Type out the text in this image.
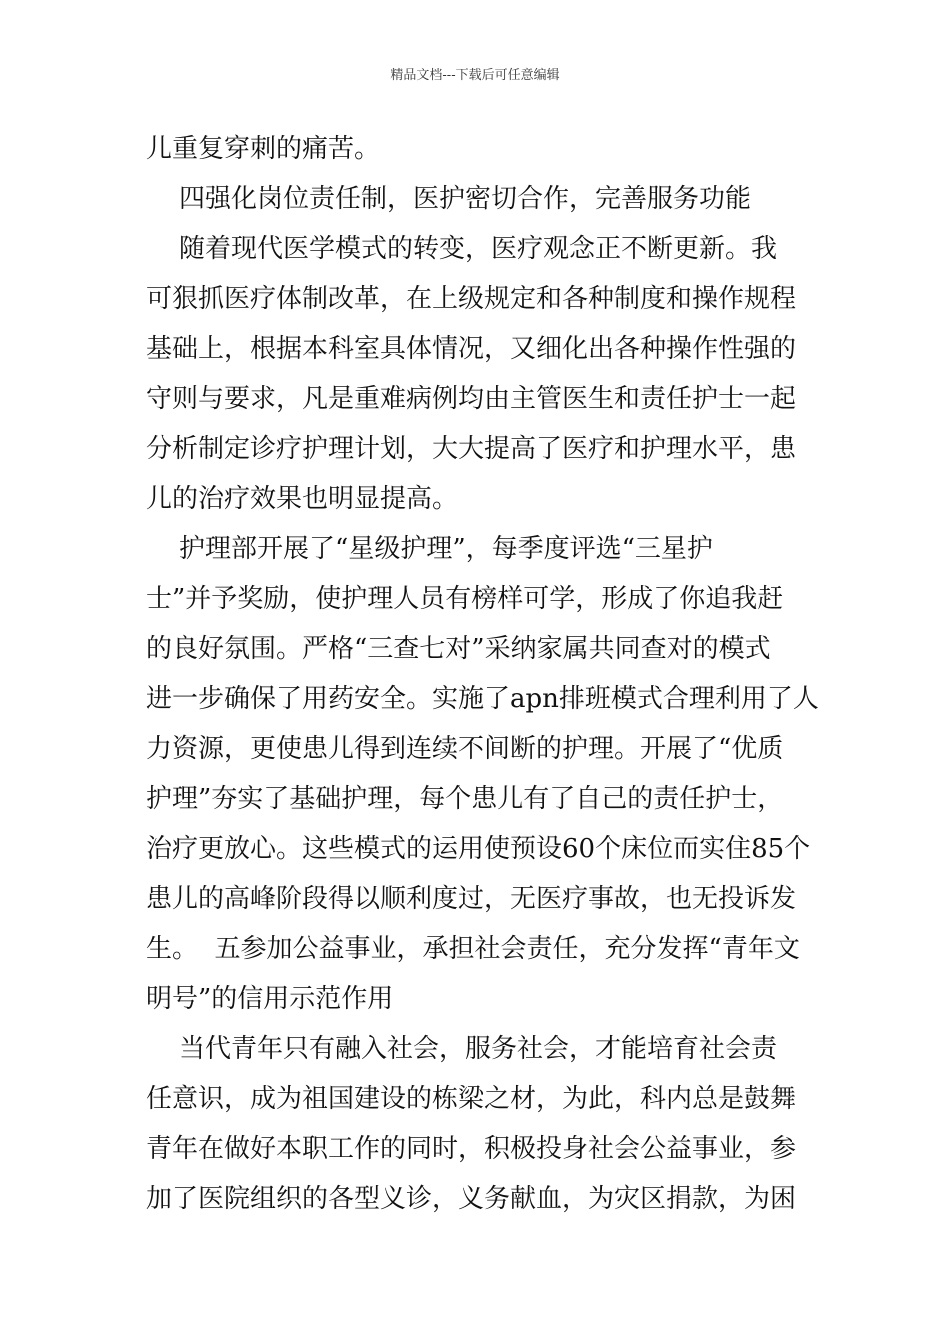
精品文档---下载后可任意编辑
儿重复穿刺的痛苦。
四强化岗位责任制，医护密切合作，完善服务功能
随着现代医学模式的转变，医疗观念正不断更新。我
可狠抓医疗体制改革，在上级规定和各种制度和操作规程
基础上，根据本科室具体情况，又细化出各种操作性强的
守则与要求，凡是重难病例均由主管医生和责任护士一起
分析制定诊疗护理计划，大大提高了医疗和护理水平，患
儿的治疗效果也明显提高。
护理部开展了“星级护理”，每季度评选“三星护
士”并予奖励，使护理人员有榜样可学，形成了你追我赶
的良好氛围。严格“三查七对”采纳家属共同查对的模式
进一步确保了用药安全。实施了apn排班模式合理利用了人
力资源，更使患儿得到连续不间断的护理。开展了“优质
护理”夯实了基础护理，每个患儿有了自己的责任护士，
治疗更放心。这些模式的运用使预设60个床位而实住85个
患儿的高峰阶段得以顺利度过，无医疗事故，也无投诉发
生。  五参加公益事业，承担社会责任，充分发挥“青年文
明号”的信用示范作用
当代青年只有融入社会，服务社会，才能培育社会责
任意识，成为祖国建设的栋梁之材，为此，科内总是鼓舞
青年在做好本职工作的同时，积极投身社会公益事业，参
加了医院组织的各型义诊，义务献血，为灾区捐款，为困
